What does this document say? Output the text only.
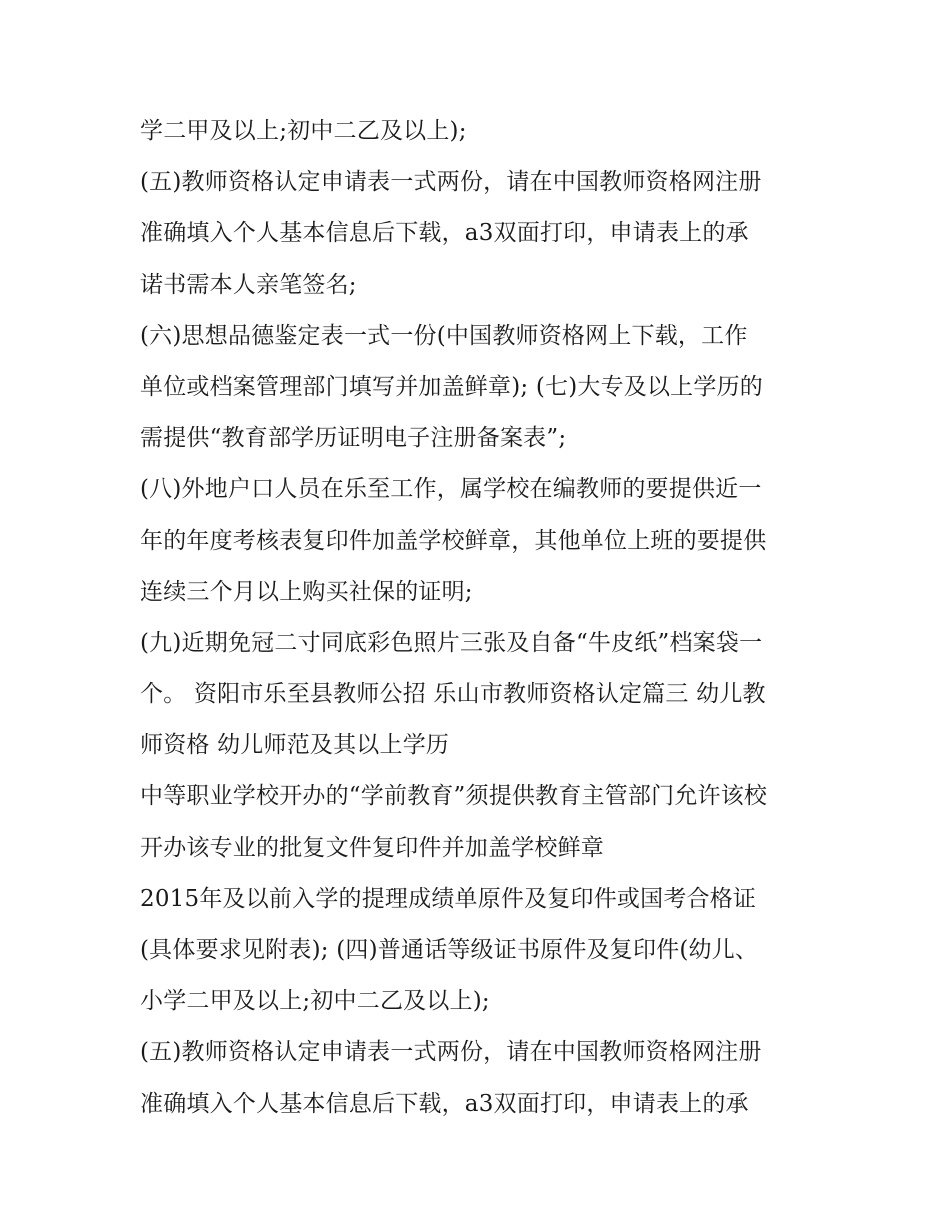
学二甲及以上;初中二乙及以上);
(五)教师资格认定申请表一式两份，请在中国教师资格网注册
准确填入个人基本信息后下载，a3双面打印，申请表上的承
诺书需本人亲笔签名;
(六)思想品德鉴定表一式一份(中国教师资格网上下载，工作
单位或档案管理部门填写并加盖鲜章); (七)大专及以上学历的
需提供“教育部学历证明电子注册备案表”;
(八)外地户口人员在乐至工作，属学校在编教师的要提供近一
年的年度考核表复印件加盖学校鲜章，其他单位上班的要提供
连续三个月以上购买社保的证明;
(九)近期免冠二寸同底彩色照片三张及自备“牛皮纸”档案袋一
个。 资阳市乐至县教师公招 乐山市教师资格认定篇三 幼儿教
师资格 幼儿师范及其以上学历
中等职业学校开办的“学前教育”须提供教育主管部门允许该校
开办该专业的批复文件复印件并加盖学校鲜章
2015年及以前入学的提理成绩单原件及复印件或国考合格证
(具体要求见附表); (四)普通话等级证书原件及复印件(幼儿、
小学二甲及以上;初中二乙及以上);
(五)教师资格认定申请表一式两份，请在中国教师资格网注册
准确填入个人基本信息后下载，a3双面打印，申请表上的承
